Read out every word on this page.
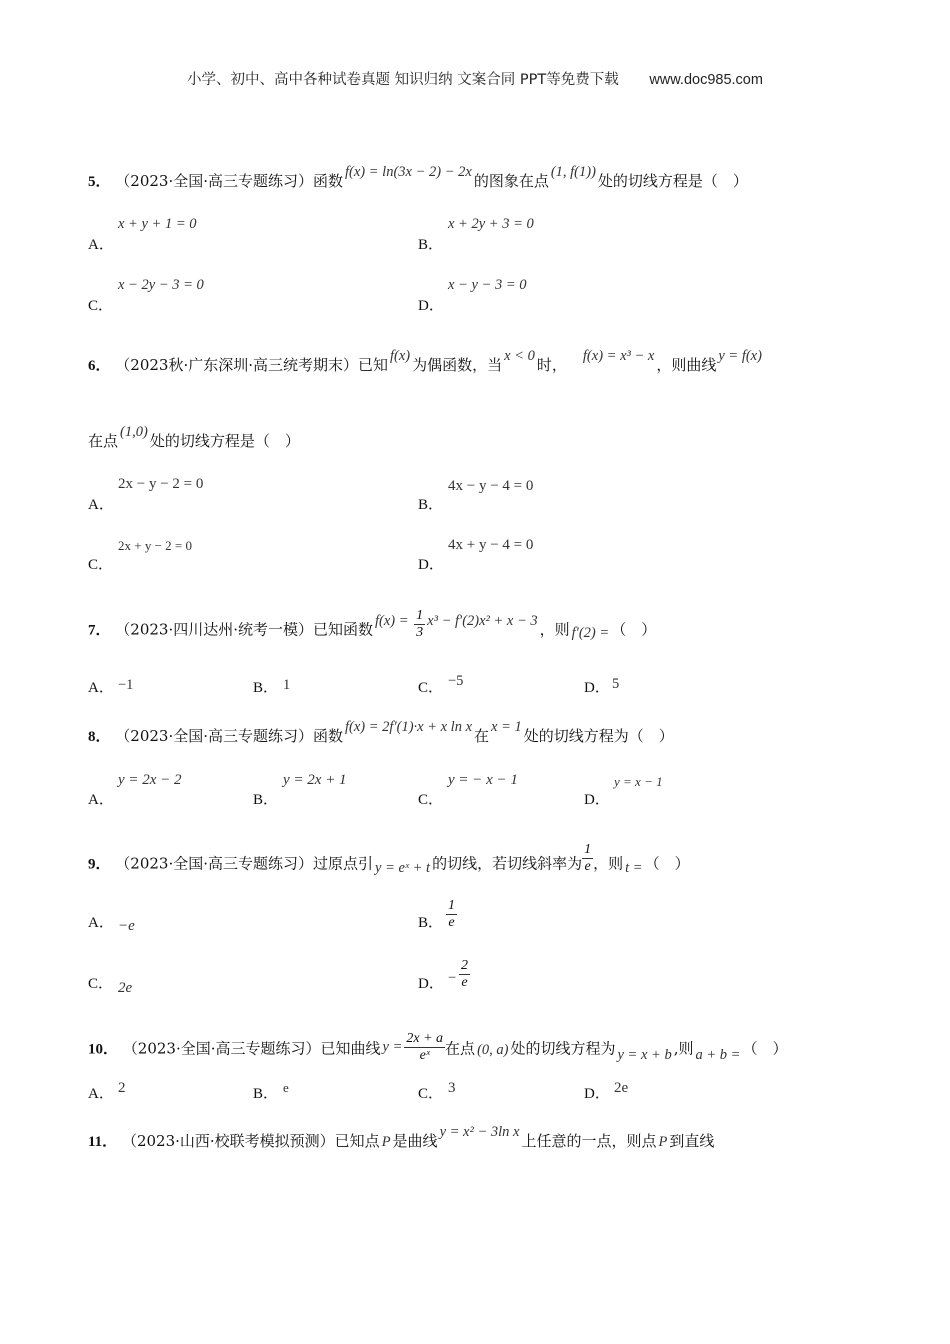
小学、初中、高中各种试卷真题 知识归纳 文案合同 PPT等免费下载 www.doc985.com
5． （2023·全国·高三专题练习）函数 f(x) = ln(3x − 2) − 2x 的图象在点 (1, f(1)) 处的切线方程是（　）
A．
x + y + 1 = 0
B．
x + 2y + 3 = 0
C．
x − 2y − 3 = 0
D．
x − y − 3 = 0
6． （2023秋·广东深圳·高三统考期末）已知 f(x) 为偶函数，当 x < 0 时， f(x) = x³ − x ，则曲线 y = f(x)
在点 (1,0) 处的切线方程是（　）
A．
2x − y − 2 = 0
B．
4x − y − 4 = 0
C．
2x + y − 2 = 0
D．
4x + y − 4 = 0
7． （2023·四川达州·统考一模）已知函数 $f(x) = \frac{1}{3} x^3 - f'(2)x^2 + x - 3$ ，则 f′(2) = （　）
A． −1	B． 1	C． −5	D． 5
8． （2023·全国·高三专题练习）函数 f(x) = 2f′(1)·x + x ln x 在 x = 1 处的切线方程为（　）
A．
y = 2x − 2
B．
y = 2x + 1
C．
y = − x − 1
D．
y = x − 1
9． （2023·全国·高三专题练习）过原点引 y = eˣ + t 的切线，若切线斜率为 $\frac{1}{e}$ ，则 t = （　）
A． −e	B． $\frac{1}{e}$
C． 2e	D． − $\frac{2}{e}$
10． （2023·全国·高三专题练习）已知曲线 $y = \frac{2x + a}{\text{eˣ}}$ 在点 (0, a) 处的切线方程为 y = x + b ,则 a + b = （　）
A． 2	B． e	C． 3	D． 2e
11． （2023·山西·校联考模拟预测）已知点 P 是曲线 y = x² − 3ln x 上任意的一点，则点 P 到直线
